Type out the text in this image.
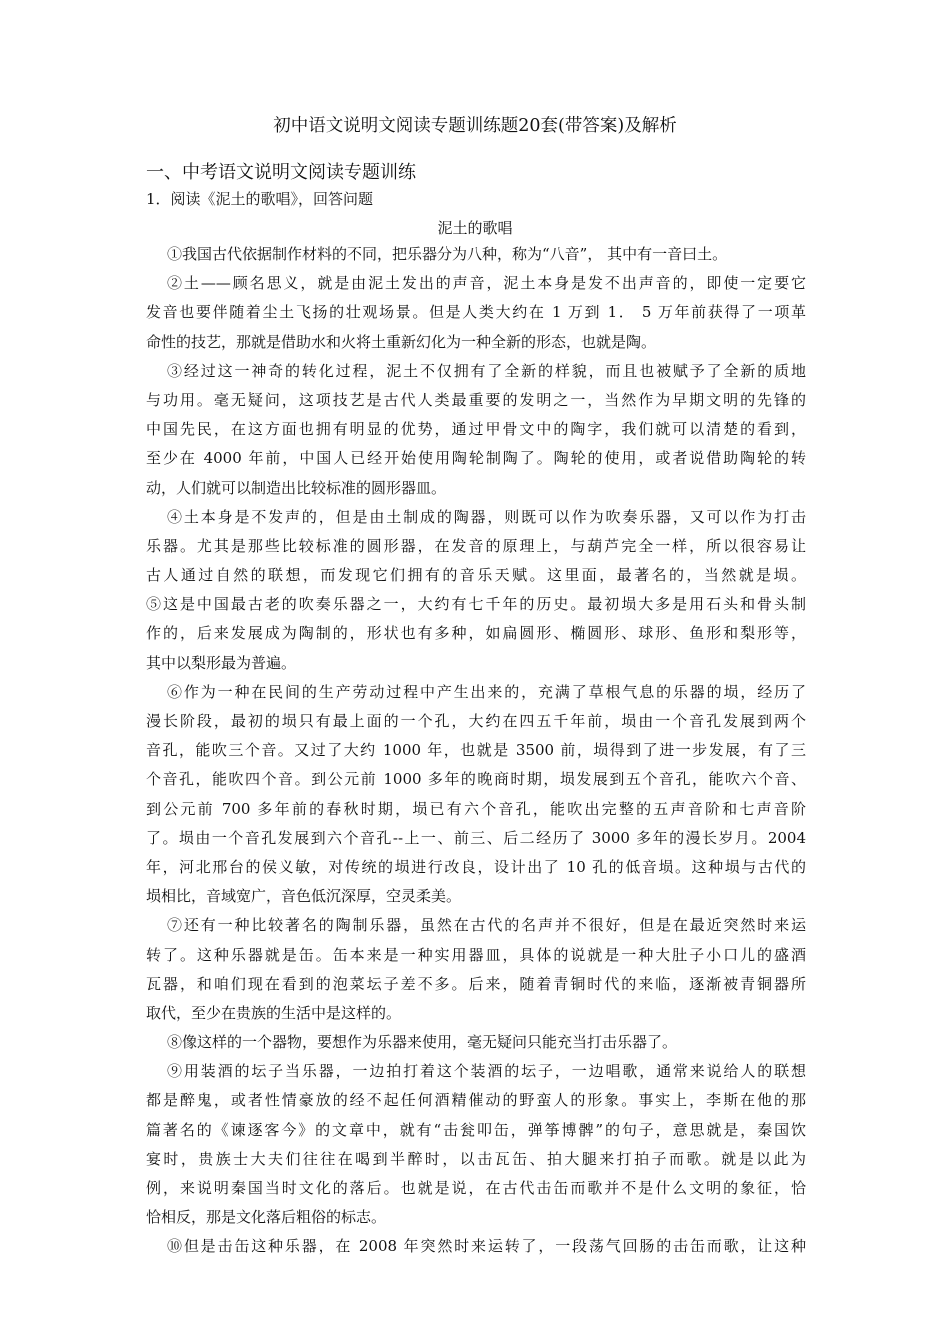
初中语文说明文阅读专题训练题20套(带答案)及解析
一、中考语文说明文阅读专题训练
1．阅读《泥土的歌唱》，回答问题
泥土的歌唱
①我国古代依据制作材料的不同，把乐器分为八种，称为“八音”， 其中有一音曰土。
②土——顾名思义，就是由泥土发出的声音，泥土本身是发不出声音的，即使一定要它
发音也要伴随着尘土飞扬的壮观场景。但是人类大约在 1 万到 1． 5 万年前获得了一项革
命性的技艺，那就是借助水和火将土重新幻化为一种全新的形态，也就是陶。
③经过这一神奇的转化过程，泥土不仅拥有了全新的样貌，而且也被赋予了全新的质地
与功用。毫无疑问，这项技艺是古代人类最重要的发明之一，当然作为早期文明的先锋的
中国先民，在这方面也拥有明显的优势，通过甲骨文中的陶字，我们就可以清楚的看到，
至少在 4000 年前，中国人已经开始使用陶轮制陶了。陶轮的使用，或者说借助陶轮的转
动，人们就可以制造出比较标准的圆形器皿。
④土本身是不发声的，但是由土制成的陶器，则既可以作为吹奏乐器，又可以作为打击
乐器。尤其是那些比较标准的圆形器，在发音的原理上，与葫芦完全一样，所以很容易让
古人通过自然的联想，而发现它们拥有的音乐天赋。这里面，最著名的，当然就是埙。
⑤这是中国最古老的吹奏乐器之一，大约有七千年的历史。最初埙大多是用石头和骨头制
作的，后来发展成为陶制的，形状也有多种，如扁圆形、椭圆形、球形、鱼形和梨形等，
其中以梨形最为普遍。
⑥作为一种在民间的生产劳动过程中产生出来的，充满了草根气息的乐器的埙，经历了
漫长阶段，最初的埙只有最上面的一个孔，大约在四五千年前，埙由一个音孔发展到两个
音孔，能吹三个音。又过了大约 1000 年，也就是 3500 前，埙得到了进一步发展，有了三
个音孔，能吹四个音。到公元前 1000 多年的晚商时期，埙发展到五个音孔，能吹六个音、
到公元前 700 多年前的春秋时期，埙已有六个音孔，能吹出完整的五声音阶和七声音阶
了。埙由一个音孔发展到六个音孔--上一、前三、后二经历了 3000 多年的漫长岁月。2004
年，河北邢台的侯义敏，对传统的埙进行改良，设计出了 10 孔的低音埙。这种埙与古代的
埙相比，音域宽广，音色低沉深厚，空灵柔美。
⑦还有一种比较著名的陶制乐器，虽然在古代的名声并不很好，但是在最近突然时来运
转了。这种乐器就是缶。缶本来是一种实用器皿，具体的说就是一种大肚子小口儿的盛酒
瓦器，和咱们现在看到的泡菜坛子差不多。后来，随着青铜时代的来临，逐渐被青铜器所
取代，至少在贵族的生活中是这样的。
⑧像这样的一个器物，要想作为乐器来使用，毫无疑问只能充当打击乐器了。
⑨用装酒的坛子当乐器，一边拍打着这个装酒的坛子，一边唱歌，通常来说给人的联想
都是醉鬼，或者性情豪放的经不起任何酒精催动的野蛮人的形象。事实上，李斯在他的那
篇著名的《谏逐客今》的文章中，就有“击瓮叩缶，弹筝博髀”的句子，意思就是，秦国饮
宴时，贵族士大夫们往往在喝到半醉时，以击瓦缶、拍大腿来打拍子而歌。就是以此为
例，来说明秦国当时文化的落后。也就是说，在古代击缶而歌并不是什么文明的象征，恰
恰相反，那是文化落后粗俗的标志。
⑩但是击缶这种乐器，在 2008 年突然时来运转了，一段荡气回肠的击缶而歌，让这种
